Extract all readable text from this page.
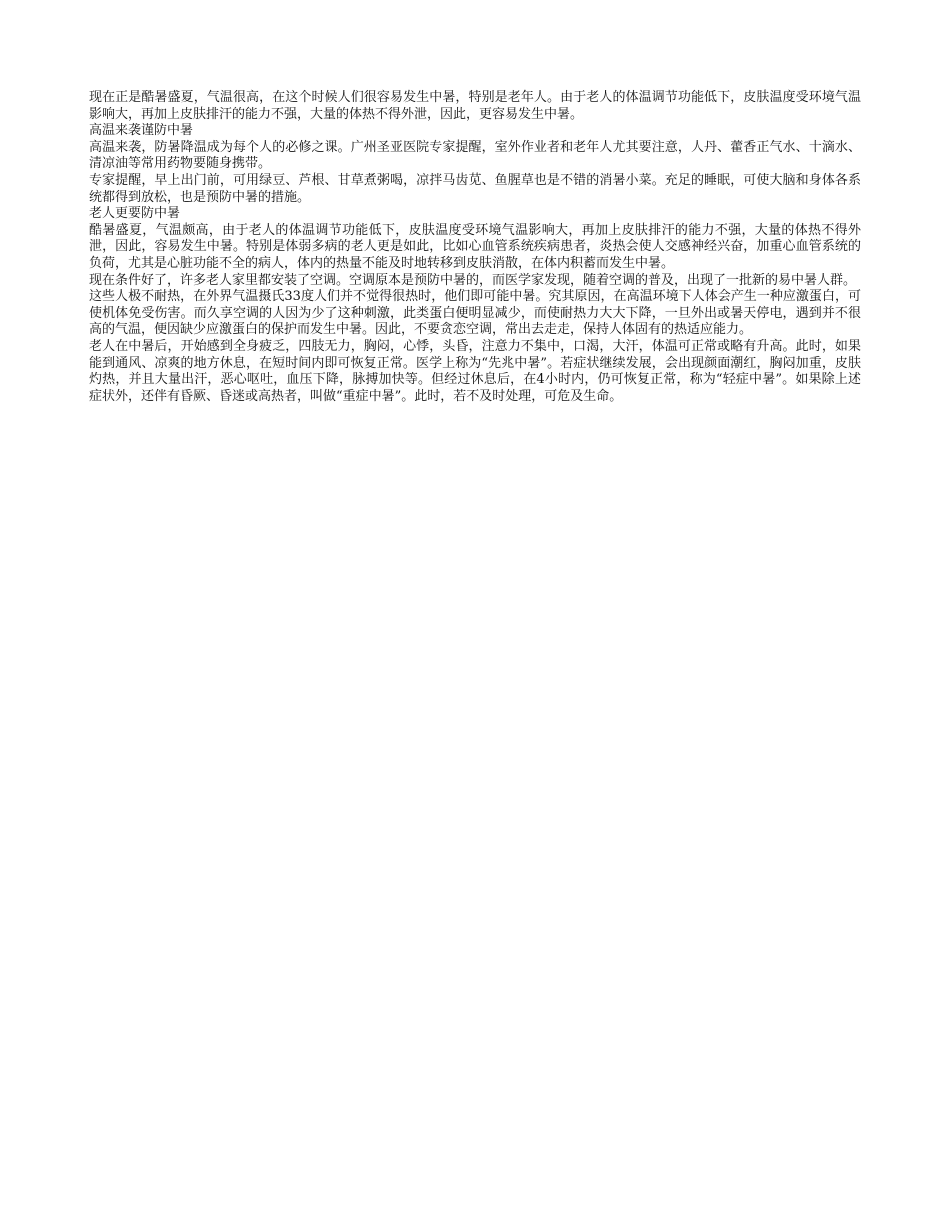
现在正是酷暑盛夏，气温很高，在这个时候人们很容易发生中暑，特别是老年人。由于老人的体温调节功能低下，皮肤温度受环境气温影响大，再加上皮肤排汗的能力不强，大量的体热不得外泄，因此，更容易发生中暑。

高温来袭谨防中暑

高温来袭，防暑降温成为每个人的必修之课。广州圣亚医院专家提醒，室外作业者和老年人尤其要注意，人丹、藿香正气水、十滴水、清凉油等常用药物要随身携带。

专家提醒，早上出门前，可用绿豆、芦根、甘草煮粥喝，凉拌马齿苋、鱼腥草也是不错的消暑小菜。充足的睡眠，可使大脑和身体各系统都得到放松，也是预防中暑的措施。

老人更要防中暑

酷暑盛夏，气温颇高，由于老人的体温调节功能低下，皮肤温度受环境气温影响大，再加上皮肤排汗的能力不强，大量的体热不得外泄，因此，容易发生中暑。特别是体弱多病的老人更是如此，比如心血管系统疾病患者，炎热会使人交感神经兴奋，加重心血管系统的负荷，尤其是心脏功能不全的病人，体内的热量不能及时地转移到皮肤消散，在体内积蓄而发生中暑。

现在条件好了，许多老人家里都安装了空调。空调原本是预防中暑的，而医学家发现，随着空调的普及，出现了一批新的易中暑人群。

这些人极不耐热，在外界气温摄氏33度人们并不觉得很热时，他们即可能中暑。究其原因，在高温环境下人体会产生一种应激蛋白，可使机体免受伤害。而久享空调的人因为少了这种刺激，此类蛋白便明显减少，而使耐热力大大下降，一旦外出或暑天停电，遇到并不很高的气温，便因缺少应激蛋白的保护而发生中暑。因此，不要贪恋空调，常出去走走，保持人体固有的热适应能力。

老人在中暑后，开始感到全身疲乏，四肢无力，胸闷，心悸，头昏，注意力不集中，口渴，大汗，体温可正常或略有升高。此时，如果能到通风、凉爽的地方休息，在短时间内即可恢复正常。医学上称为“先兆中暑”。若症状继续发展，会出现颜面潮红，胸闷加重，皮肤灼热，并且大量出汗，恶心呕吐，血压下降，脉搏加快等。但经过休息后，在4小时内，仍可恢复正常，称为“轻症中暑”。如果除上述症状外，还伴有昏厥、昏迷或高热者，叫做“重症中暑”。此时，若不及时处理，可危及生命。
